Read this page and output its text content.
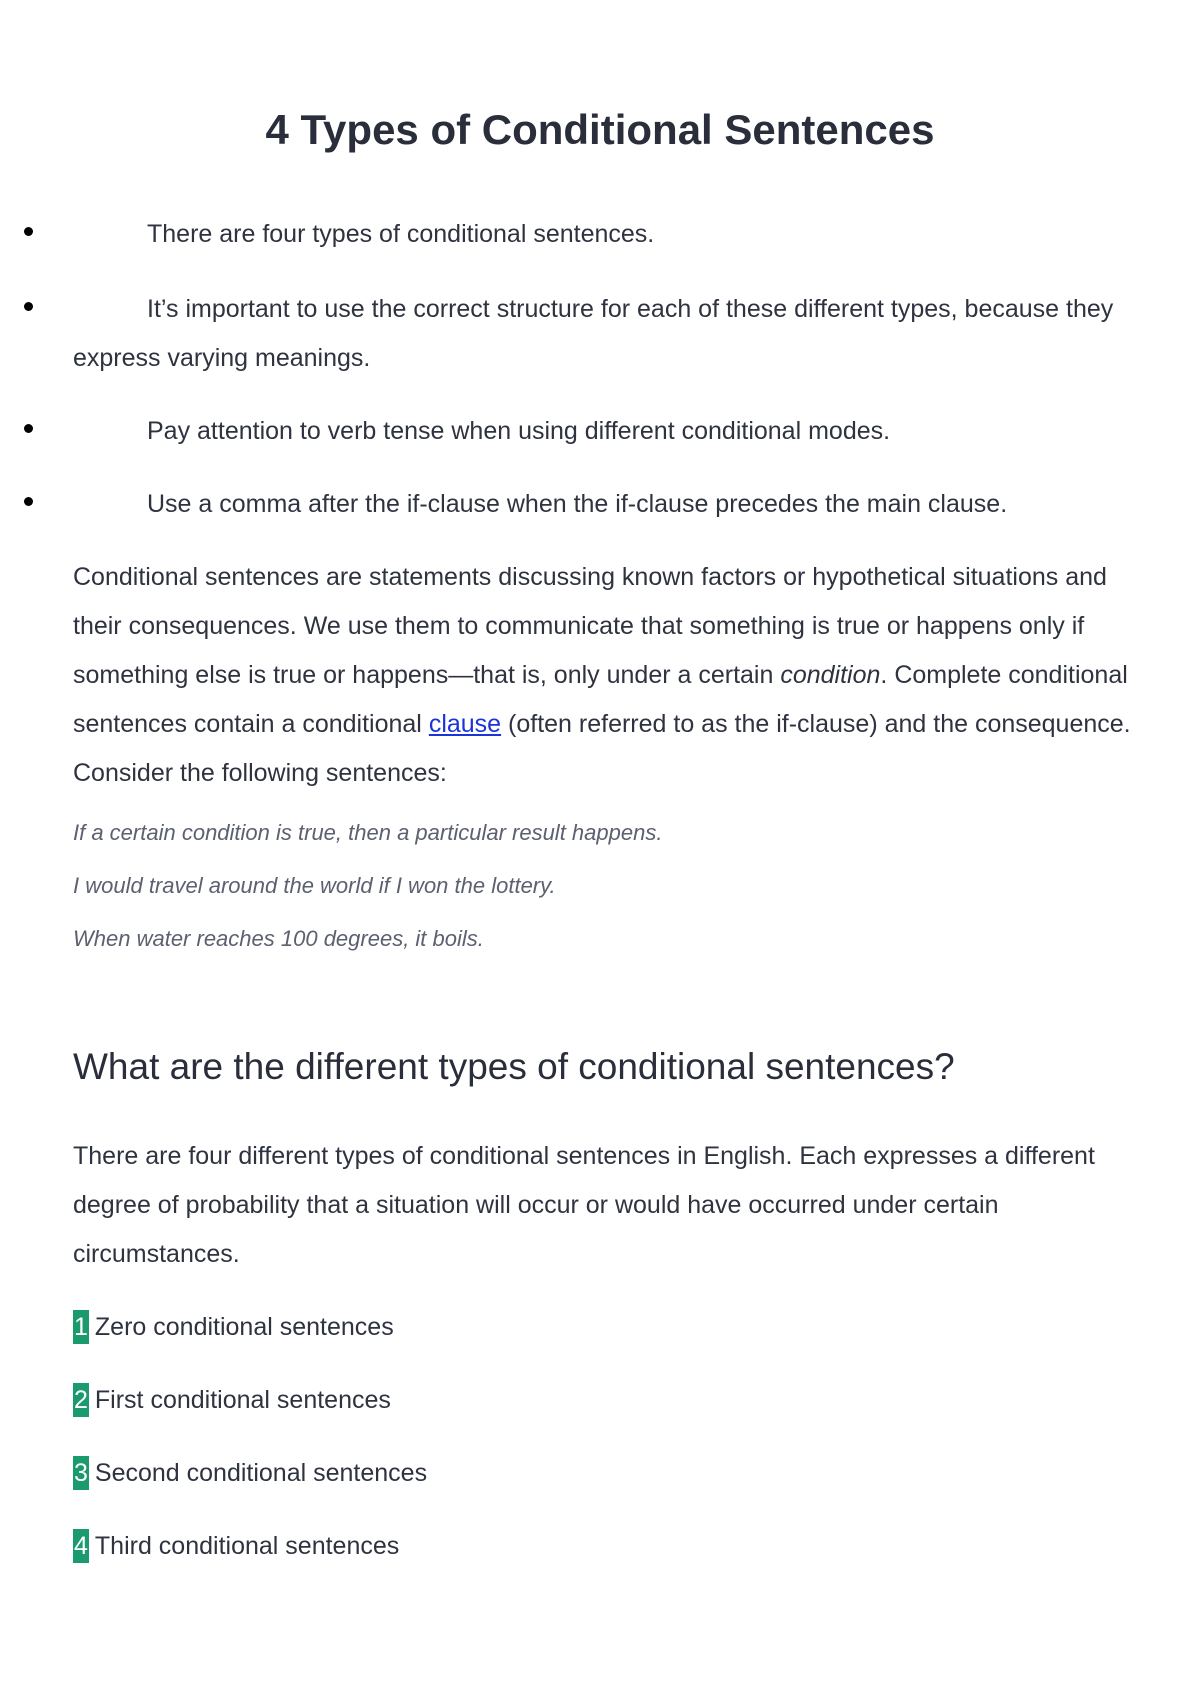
4 Types of Conditional Sentences
There are four types of conditional sentences.
It’s important to use the correct structure for each of these different types, because they express varying meanings.
Pay attention to verb tense when using different conditional modes.
Use a comma after the if-clause when the if-clause precedes the main clause.

Conditional sentences are statements discussing known factors or hypothetical situations and their consequences. We use them to communicate that something is true or happens only if something else is true or happens—that is, only under a certain condition. Complete conditional sentences contain a conditional clause (often referred to as the if-clause) and the consequence. Consider the following sentences:

If a certain condition is true, then a particular result happens.

I would travel around the world if I won the lottery.

When water reaches 100 degrees, it boils.

What are the different types of conditional sentences?

There are four different types of conditional sentences in English. Each expresses a different degree of probability that a situation will occur or would have occurred under certain circumstances.

1 Zero conditional sentences
2 First conditional sentences
3 Second conditional sentences
4 Third conditional sentences
